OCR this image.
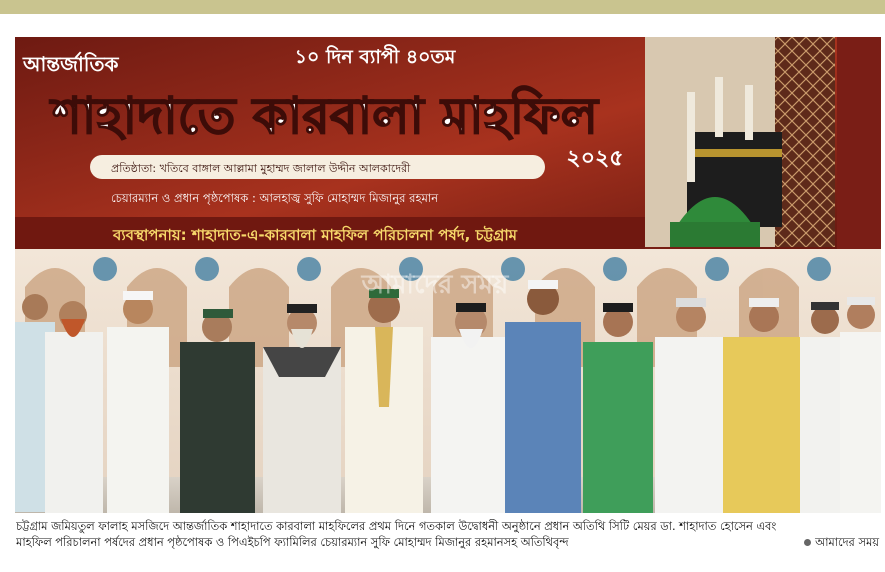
আন্তর্জাতিক	১০ দিন ব্যাপী ৪০তম
শাহাদাতে কারবালা মাহফিল
২০২৫
প্রতিষ্ঠাতা: খতিবে বাঙ্গাল আল্লামা মুহাম্মদ জালাল উদ্দীন আলকাদেরী
চেয়ারম্যান ও প্রধান পৃষ্ঠপোষক : আলহাজ্ব সুফি মোহাম্মদ মিজানুর রহমান
ব্যবস্থাপনায়: শাহাদাত-এ-কারবালা মাহফিল পরিচালনা পর্ষদ, চট্টগ্রাম
আমাদের সময়
চট্টগ্রাম জমিয়তুল ফালাহ মসজিদে আন্তর্জাতিক শাহাদাতে কারবালা মাহফিলের প্রথম দিনে গতকাল উদ্বোধনী অনুষ্ঠানে প্রধান অতিথি সিটি মেয়র ডা. শাহাদাত হোসেন এবং
মাহফিল পরিচালনা পর্ষদের প্রধান পৃষ্ঠপোষক ও পিএইচপি ফ্যামিলির চেয়ারম্যান সুফি মোহাম্মদ মিজানুর রহমানসহ অতিথিবৃন্দ	আমাদের সময়
